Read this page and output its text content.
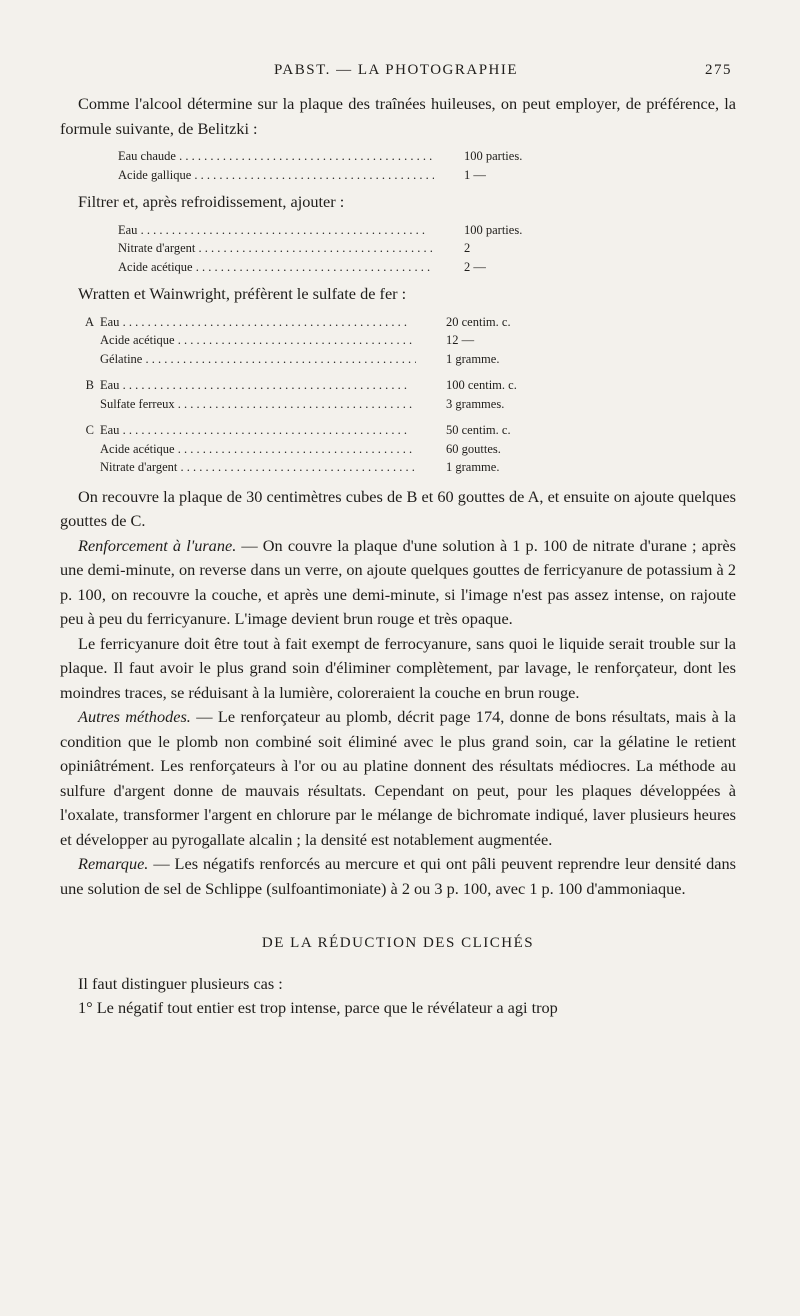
PABST. — LA PHOTOGRAPHIE	275

Comme l'alcool détermine sur la plaque des traînées huileuses, on peut employer, de préférence, la formule suivante, de Belitzki :

Eau chaude . . .	100 parties.
Acide gallique . . .	1 —

Filtrer et, après refroidissement, ajouter :

Eau . . .	100 parties.
Nitrate d'argent . . .	2
Acide acétique . . .	2 —

Wratten et Wainwright, préfèrent le sulfate de fer :

A Eau . . .	20 centim. c.
Acide acétique . . .	12 —
Gélatine . . .	1 gramme.
B Eau . . .	100 centim. c.
Sulfate ferreux . . .	3 grammes.
C Eau . . .	50 centim. c.
Acide acétique . . .	60 gouttes.
Nitrate d'argent . . .	1 gramme.

On recouvre la plaque de 30 centimètres cubes de B et 60 gouttes de A, et ensuite on ajoute quelques gouttes de C.

Renforcement à l'urane. — On couvre la plaque d'une solution à 1 p. 100 de nitrate d'urane ; après une demi-minute, on reverse dans un verre, on ajoute quelques gouttes de ferricyanure de potassium à 2 p. 100, on recouvre la couche, et après une demi-minute, si l'image n'est pas assez intense, on rajoute peu à peu du ferricyanure. L'image devient brun rouge et très opaque.

Le ferricyanure doit être tout à fait exempt de ferrocyanure, sans quoi le liquide serait trouble sur la plaque. Il faut avoir le plus grand soin d'éliminer complètement, par lavage, le renforçateur, dont les moindres traces, se réduisant à la lumière, coloreraient la couche en brun rouge.

Autres méthodes. — Le renforçateur au plomb, décrit page 174, donne de bons résultats, mais à la condition que le plomb non combiné soit éliminé avec le plus grand soin, car la gélatine le retient opiniâtrément. Les renforçateurs à l'or ou au platine donnent des résultats médiocres. La méthode au sulfure d'argent donne de mauvais résultats. Cependant on peut, pour les plaques développées à l'oxalate, transformer l'argent en chlorure par le mélange de bichromate indiqué, laver plusieurs heures et développer au pyrogallate alcalin ; la densité est notablement augmentée.

Remarque. — Les négatifs renforcés au mercure et qui ont pâli peuvent reprendre leur densité dans une solution de sel de Schlippe (sulfoantimoniate) à 2 ou 3 p. 100, avec 1 p. 100 d'ammoniaque.

DE LA RÉDUCTION DES CLICHÉS

Il faut distinguer plusieurs cas :

1° Le négatif tout entier est trop intense, parce que le révélateur a agi trop
